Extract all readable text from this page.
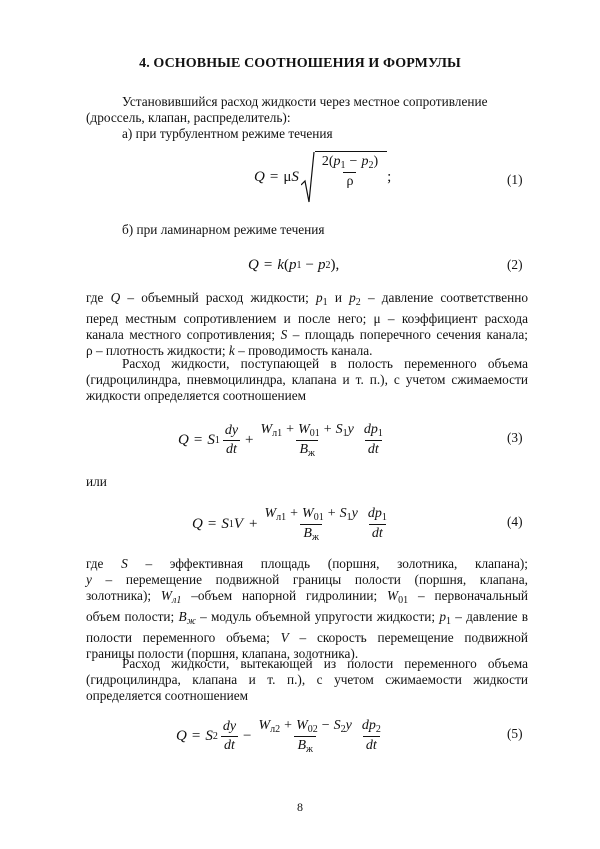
4. ОСНОВНЫЕ СООТНОШЕНИЯ И ФОРМУЛЫ
Установившийся расход жидкости через местное сопротивление
(дроссель, клапан, распределитель):
а) при турбулентном режиме течения
Q = μ S $\frac{2(p_1 - p_2)}{\rho}$ ;	(1)
б) при ламинарном режиме течения
Q = k ( p 1 − p 2 ) ,	(2)
где Q – объемный расход жидкости; $p_1$ и $p_2$ – давление соответственно
перед местным сопротивлением и после него; μ – коэффициент расхода
канала местного сопротивления; S – площадь поперечного сечения канала;
ρ – плотность жидкости; k – проводимость канала.
Расход жидкости, поступающей в полость переменного объема
(гидроцилиндра, пневмоцилиндра, клапана и т. п.), с учетом сжимаемости
жидкости определяется соотношением
Q = S $1 \frac{dy}{dt} + \frac{W_{л1} + W_{01} + S_1y}{B_ж} \frac{dp_1}{dt}$	(3)
или
Q = S 1 $V + \frac{W_{л1} + W_{01} + S_1y}{B_ж} \frac{dp_1}{dt}$	(4)
где   S   –   эффективная   площадь   (поршня,   золотника,   клапана);
y – перемещение подвижной границы полости (поршня, клапана,
золотника); $W_{л1}$ –объем напорной гидролинии; $W_{01}$ – первоначальный
объем полости; $B_ж$ – модуль объемной упругости жидкости; $p_1$ – давление в
полости переменного объема; V – скорость перемещение подвижной
границы полости (поршня, клапана, золотника).
Расход жидкости, вытекающей из полости переменного объема
(гидроцилиндра, клапана и т. п.), с учетом сжимаемости жидкости
определяется соотношением
Q = S $2 \frac{dy}{dt} - \frac{W_{л2} + W_{02} - S_2y}{B_ж} \frac{dp_2}{dt}$	(5)
8
